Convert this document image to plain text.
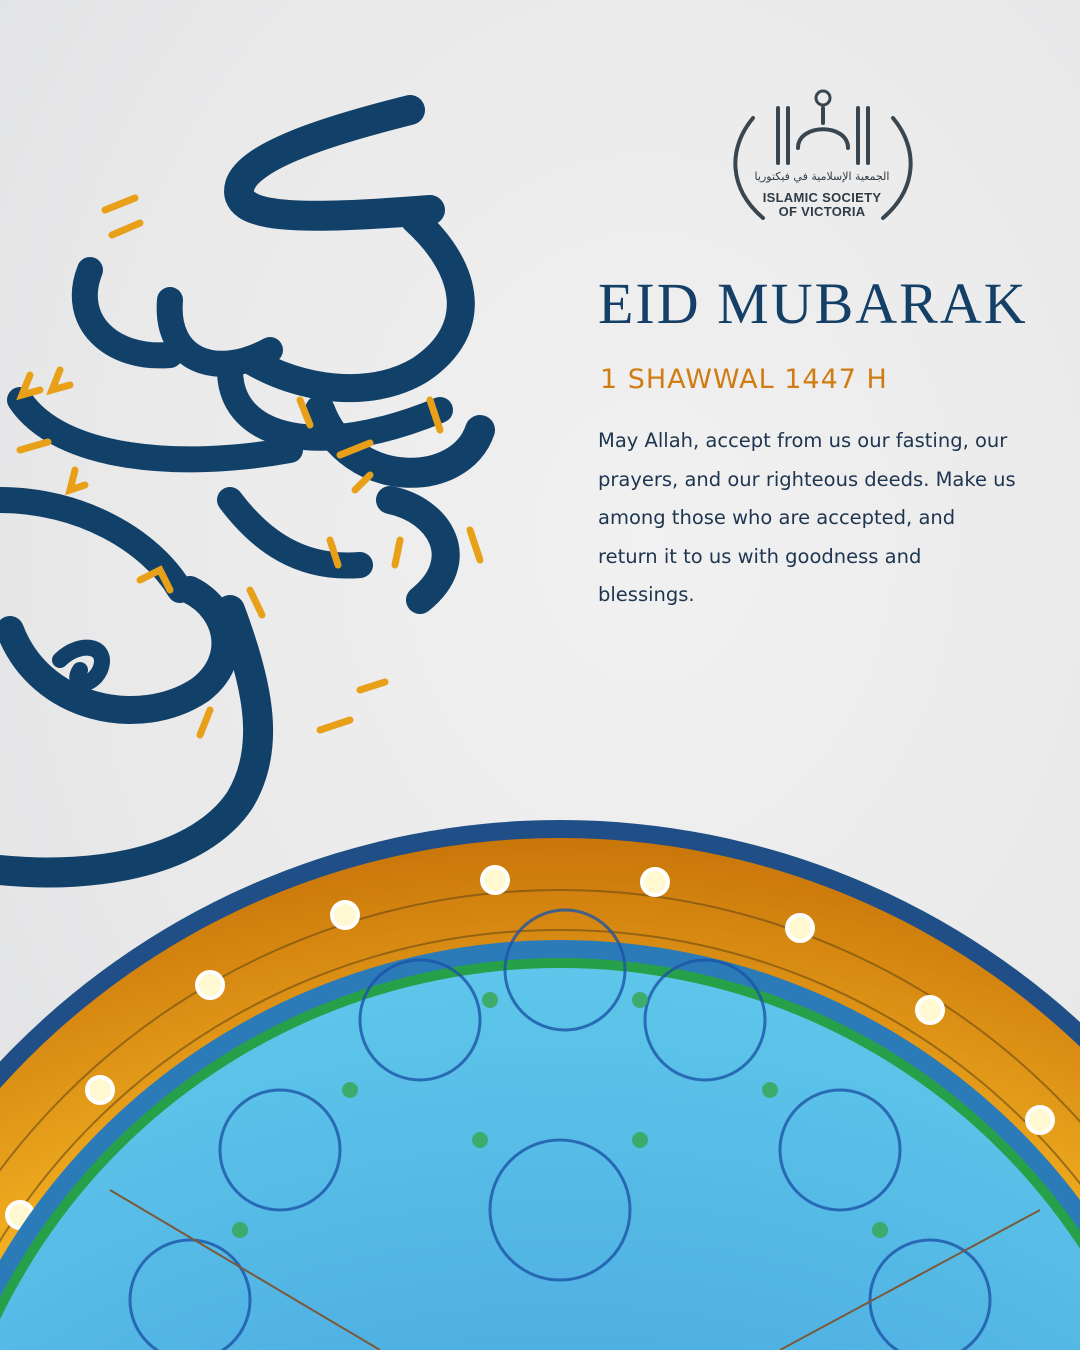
الجمعية الإسلامية في فيكتوريا
ISLAMIC SOCIETY
OF VICTORIA
EID MUBARAK
1 SHAWWAL 1447 H

May Allah, accept from us our fasting, our prayers, and our righteous deeds. Make us among those who are accepted, and return it to us with goodness and blessings.
